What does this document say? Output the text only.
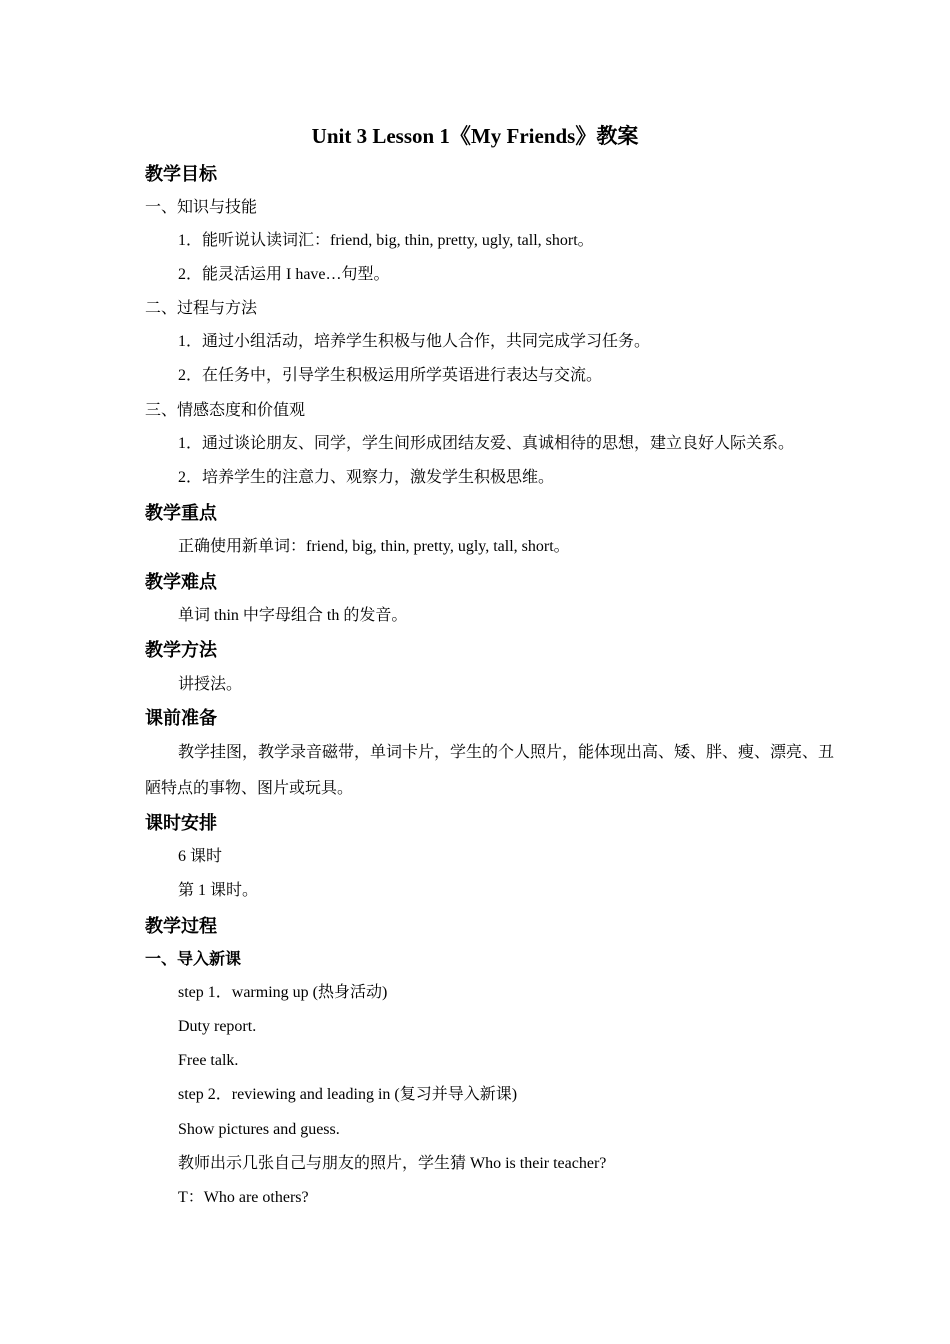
Unit 3 Lesson 1《My Friends》教案
教学目标
一、知识与技能
1．能听说认读词汇：friend, big, thin, pretty, ugly, tall, short。
2．能灵活运用 I have…句型。
二、过程与方法
1．通过小组活动，培养学生积极与他人合作，共同完成学习任务。
2．在任务中，引导学生积极运用所学英语进行表达与交流。
三、情感态度和价值观
1．通过谈论朋友、同学，学生间形成团结友爱、真诚相待的思想，建立良好人际关系。
2．培养学生的注意力、观察力，激发学生积极思维。
教学重点
正确使用新单词：friend, big, thin, pretty, ugly, tall, short。
教学难点
单词 thin 中字母组合 th 的发音。
教学方法
讲授法。
课前准备
教学挂图，教学录音磁带，单词卡片，学生的个人照片，能体现出高、矮、胖、瘦、漂亮、丑
陋特点的事物、图片或玩具。
课时安排
6 课时
第 1 课时。
教学过程
一、导入新课
step 1．warming up (热身活动)
Duty report.
Free talk.
step 2．reviewing and leading in (复习并导入新课)
Show pictures and guess.
教师出示几张自己与朋友的照片，学生猜 Who is their teacher?
T：Who are others?
